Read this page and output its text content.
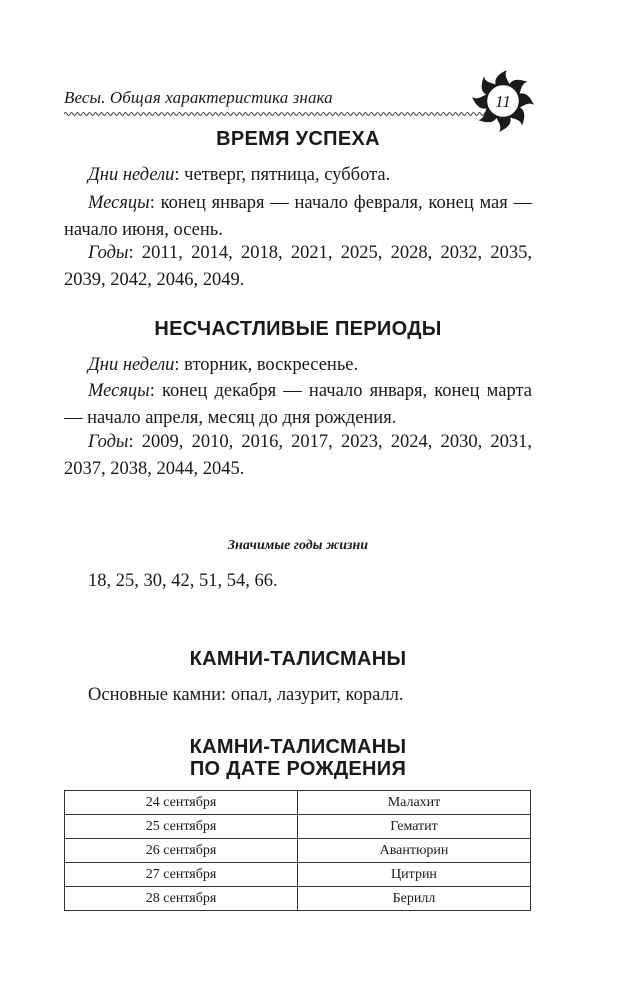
Весы. Общая характеристика знака	11
ВРЕМЯ УСПЕХА

Дни недели: четверг, пятница, суббота.

Месяцы: конец января — начало февраля, конец мая — начало июня, осень.

Годы: 2011, 2014, 2018, 2021, 2025, 2028, 2032, 2035, 2039, 2042, 2046, 2049.

НЕСЧАСТЛИВЫЕ ПЕРИОДЫ

Дни недели: вторник, воскресенье.

Месяцы: конец декабря — начало января, конец марта — начало апреля, месяц до дня рождения.

Годы: 2009, 2010, 2016, 2017, 2023, 2024, 2030, 2031, 2037, 2038, 2044, 2045.

Значимые годы жизни

18, 25, 30, 42, 51, 54, 66.

КАМНИ-ТАЛИСМАНЫ

Основные камни: опал, лазурит, коралл.

КАМНИ-ТАЛИСМАНЫ
ПО ДАТЕ РОЖДЕНИЯ
24 сентября	Малахит
25 сентября	Гематит
26 сентября	Авантюрин
27 сентября	Цитрин
28 сентября	Берилл
